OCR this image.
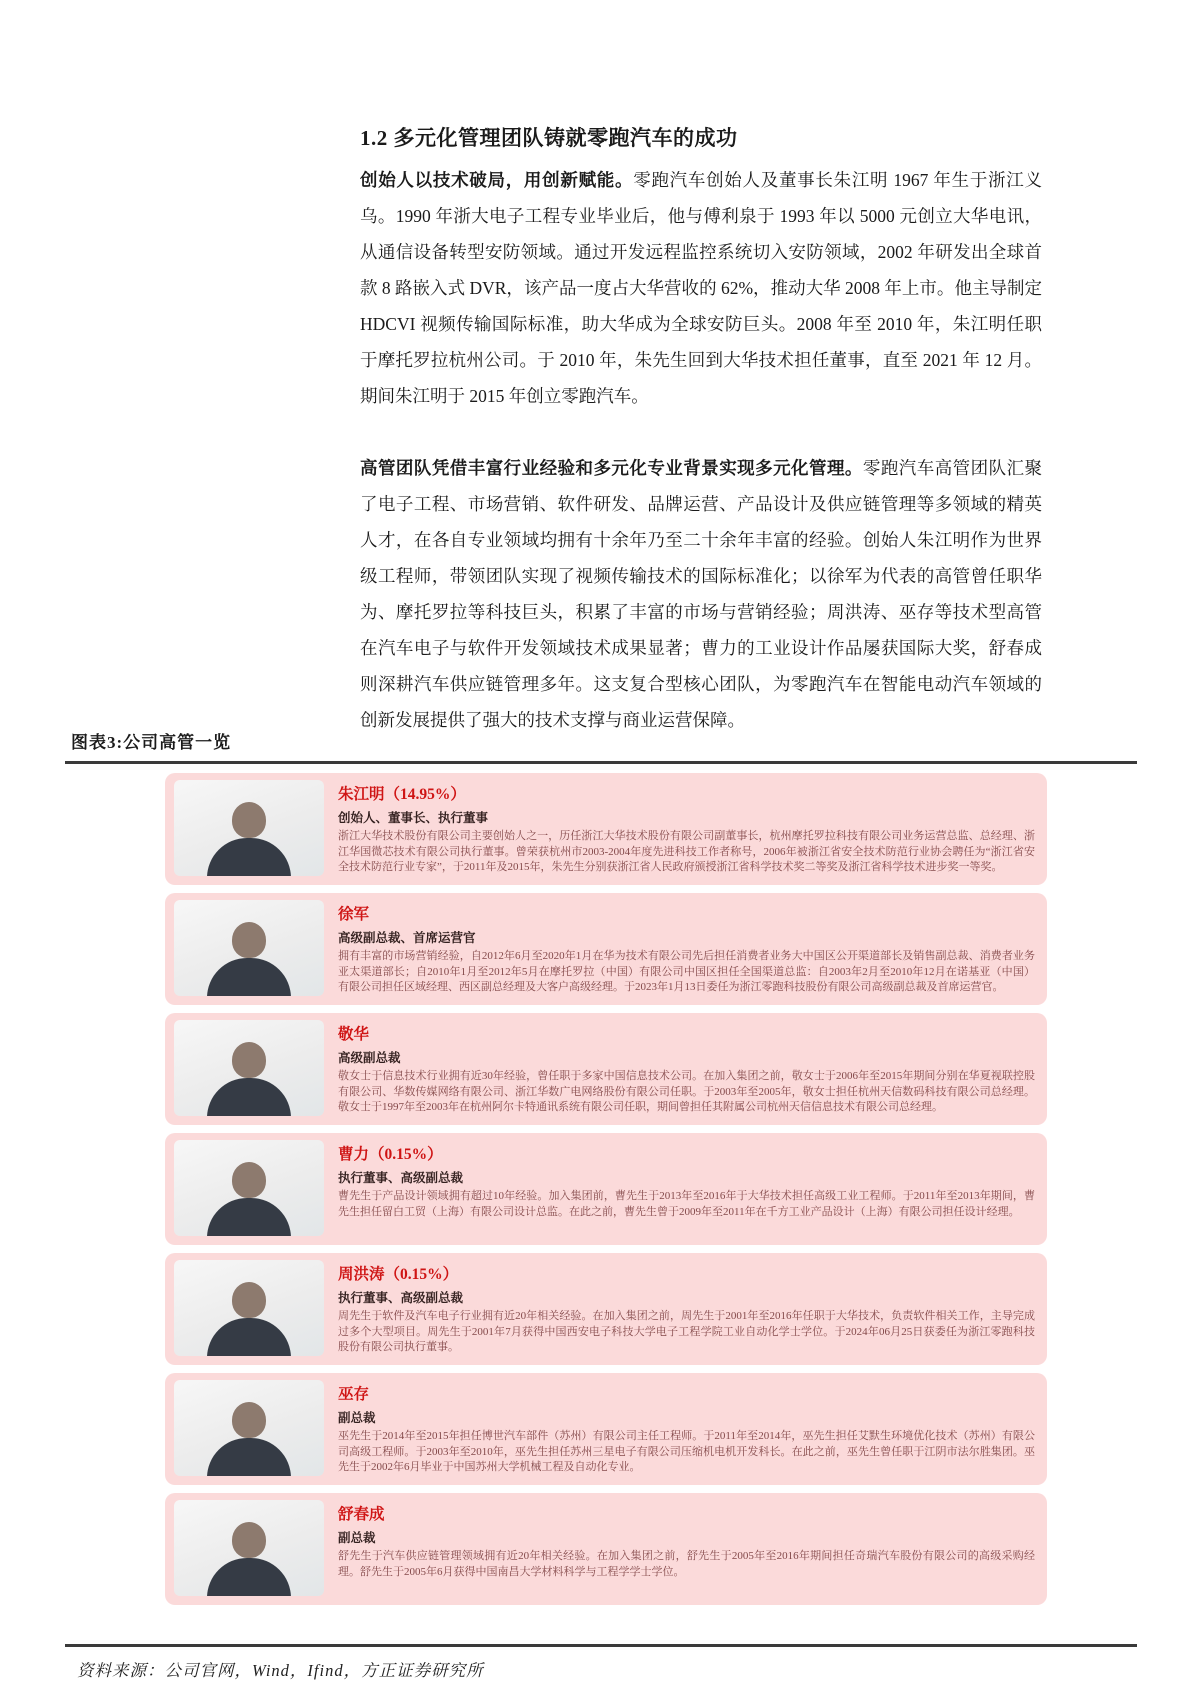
1.2 多元化管理团队铸就零跑汽车的成功

创始人以技术破局，用创新赋能。零跑汽车创始人及董事长朱江明 1967 年生于浙江义乌。1990 年浙大电子工程专业毕业后，他与傅利泉于 1993 年以 5000 元创立大华电讯，从通信设备转型安防领域。通过开发远程监控系统切入安防领域，2002 年研发出全球首款 8 路嵌入式 DVR，该产品一度占大华营收的 62%，推动大华 2008 年上市。他主导制定 HDCVI 视频传输国际标准，助大华成为全球安防巨头。2008 年至 2010 年，朱江明任职于摩托罗拉杭州公司。于 2010 年，朱先生回到大华技术担任董事，直至 2021 年 12 月。期间朱江明于 2015 年创立零跑汽车。

高管团队凭借丰富行业经验和多元化专业背景实现多元化管理。零跑汽车高管团队汇聚了电子工程、市场营销、软件研发、品牌运营、产品设计及供应链管理等多领域的精英人才，在各自专业领域均拥有十余年乃至二十余年丰富的经验。创始人朱江明作为世界级工程师，带领团队实现了视频传输技术的国际标准化；以徐军为代表的高管曾任职华为、摩托罗拉等科技巨头，积累了丰富的市场与营销经验；周洪涛、巫存等技术型高管在汽车电子与软件开发领域技术成果显著；曹力的工业设计作品屡获国际大奖，舒春成则深耕汽车供应链管理多年。这支复合型核心团队，为零跑汽车在智能电动汽车领域的创新发展提供了强大的技术支撑与商业运营保障。

图表3:公司高管一览
朱江明（14.95%）
创始人、董事长、执行董事

浙江大华技术股份有限公司主要创始人之一，历任浙江大华技术股份有限公司副董事长，杭州摩托罗拉科技有限公司业务运营总监、总经理、浙江华国微芯技术有限公司执行董事。曾荣获杭州市2003-2004年度先进科技工作者称号，2006年被浙江省安全技术防范行业协会聘任为“浙江省安全技术防范行业专家”，于2011年及2015年，朱先生分别获浙江省人民政府颁授浙江省科学技术奖二等奖及浙江省科学技术进步奖一等奖。

徐军
高级副总裁、首席运营官

拥有丰富的市场营销经验，自2012年6月至2020年1月在华为技术有限公司先后担任消费者业务大中国区公开渠道部长及销售副总裁、消费者业务亚太渠道部长；自2010年1月至2012年5月在摩托罗拉（中国）有限公司中国区担任全国渠道总监：自2003年2月至2010年12月在诺基亚（中国）有限公司担任区域经理、西区副总经理及大客户高级经理。于2023年1月13日委任为浙江零跑科技股份有限公司高级副总裁及首席运营官。

敬华
高级副总裁

敬女士于信息技术行业拥有近30年经验，曾任职于多家中国信息技术公司。在加入集团之前，敬女士于2006年至2015年期间分别在华夏视联控股有限公司、华数传媒网络有限公司、浙江华数广电网络股份有限公司任职。于2003年至2005年，敬女士担任杭州天信数码科技有限公司总经理。敬女士于1997年至2003年在杭州阿尔卡特通讯系统有限公司任职，期间曾担任其附属公司杭州天信信息技术有限公司总经理。

曹力（0.15%）
执行董事、高级副总裁

曹先生于产品设计领域拥有超过10年经验。加入集团前，曹先生于2013年至2016年于大华技术担任高级工业工程师。于2011年至2013年期间，曹先生担任留白工贸（上海）有限公司设计总监。在此之前，曹先生曾于2009年至2011年在千方工业产品设计（上海）有限公司担任设计经理。

周洪涛（0.15%）
执行董事、高级副总裁

周先生于软件及汽车电子行业拥有近20年相关经验。在加入集团之前，周先生于2001年至2016年任职于大华技术，负责软件相关工作，主导完成过多个大型项目。周先生于2001年7月获得中国西安电子科技大学电子工程学院工业自动化学士学位。于2024年06月25日获委任为浙江零跑科技股份有限公司执行董事。

巫存
副总裁

巫先生于2014年至2015年担任博世汽车部件（苏州）有限公司主任工程师。于2011年至2014年，巫先生担任艾默生环境优化技术（苏州）有限公司高级工程师。于2003年至2010年，巫先生担任苏州三星电子有限公司压缩机电机开发科长。在此之前，巫先生曾任职于江阴市法尔胜集团。巫先生于2002年6月毕业于中国苏州大学机械工程及自动化专业。

舒春成
副总裁

舒先生于汽车供应链管理领域拥有近20年相关经验。在加入集团之前，舒先生于2005年至2016年期间担任奇瑞汽车股份有限公司的高级采购经理。舒先生于2005年6月获得中国南昌大学材料科学与工程学学士学位。

资料来源：公司官网，Wind，Ifind，方正证券研究所
